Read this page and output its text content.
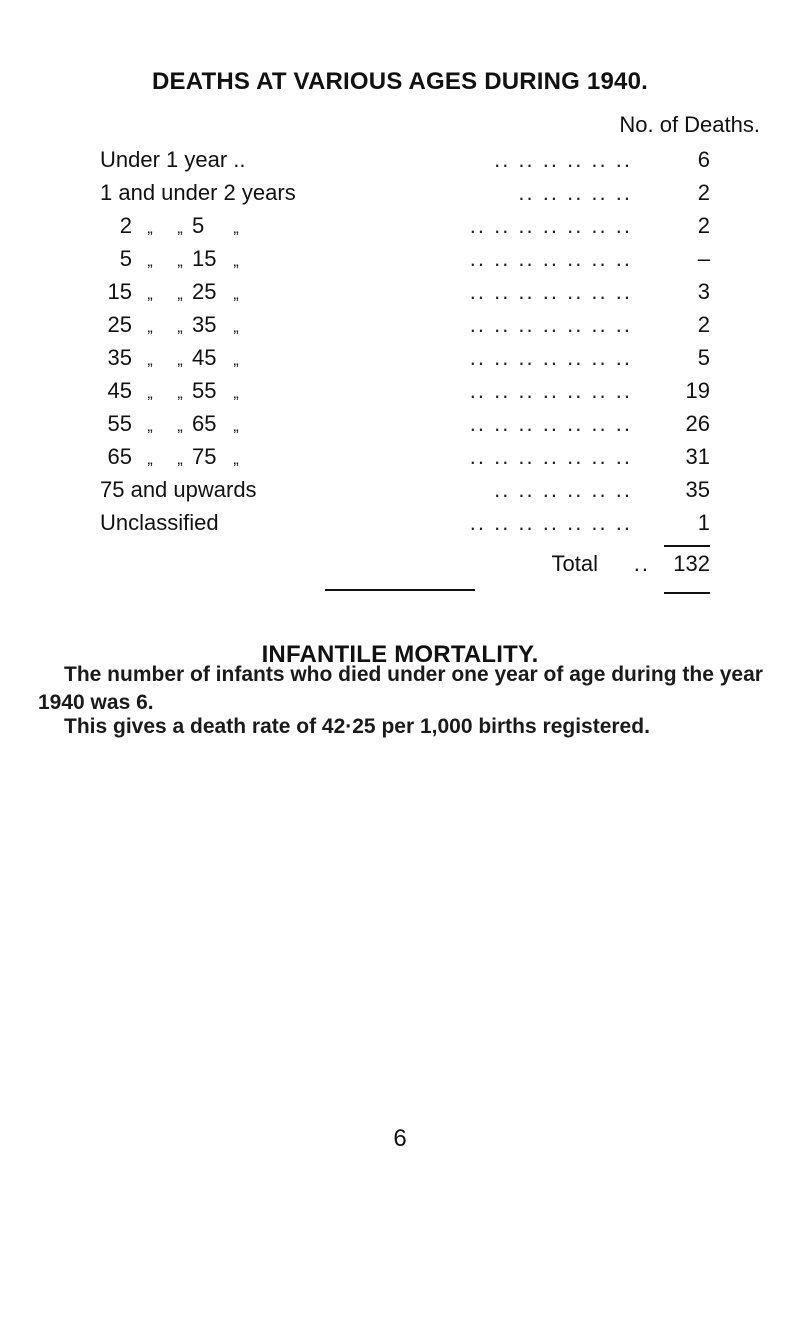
DEATHS AT VARIOUS AGES DURING 1940.
No. of Deaths.
Under 1 year ..	.. .. .. .. .. ..	6
1 and under 2 years	.. .. .. .. ..	2
2 „ „ 5 „	.. .. .. .. .. .. ..	2
5 „ „ 15 „	.. .. .. .. .. .. ..	–
15 „ „ 25 „	.. .. .. .. .. .. ..	3
25 „ „ 35 „	.. .. .. .. .. .. ..	2
35 „ „ 45 „	.. .. .. .. .. .. ..	5
45 „ „ 55 „	.. .. .. .. .. .. ..	19
55 „ „ 65 „	.. .. .. .. .. .. ..	26
65 „ „ 75 „	.. .. .. .. .. .. ..	31
75 and upwards	.. .. .. .. .. ..	35
Unclassified	.. .. .. .. .. .. ..	1
Total .. 132
INFANTILE MORTALITY.
The number of infants who died under one year of age during the year
1940 was 6.
This gives a death rate of 42·25 per 1,000 births registered.
6
